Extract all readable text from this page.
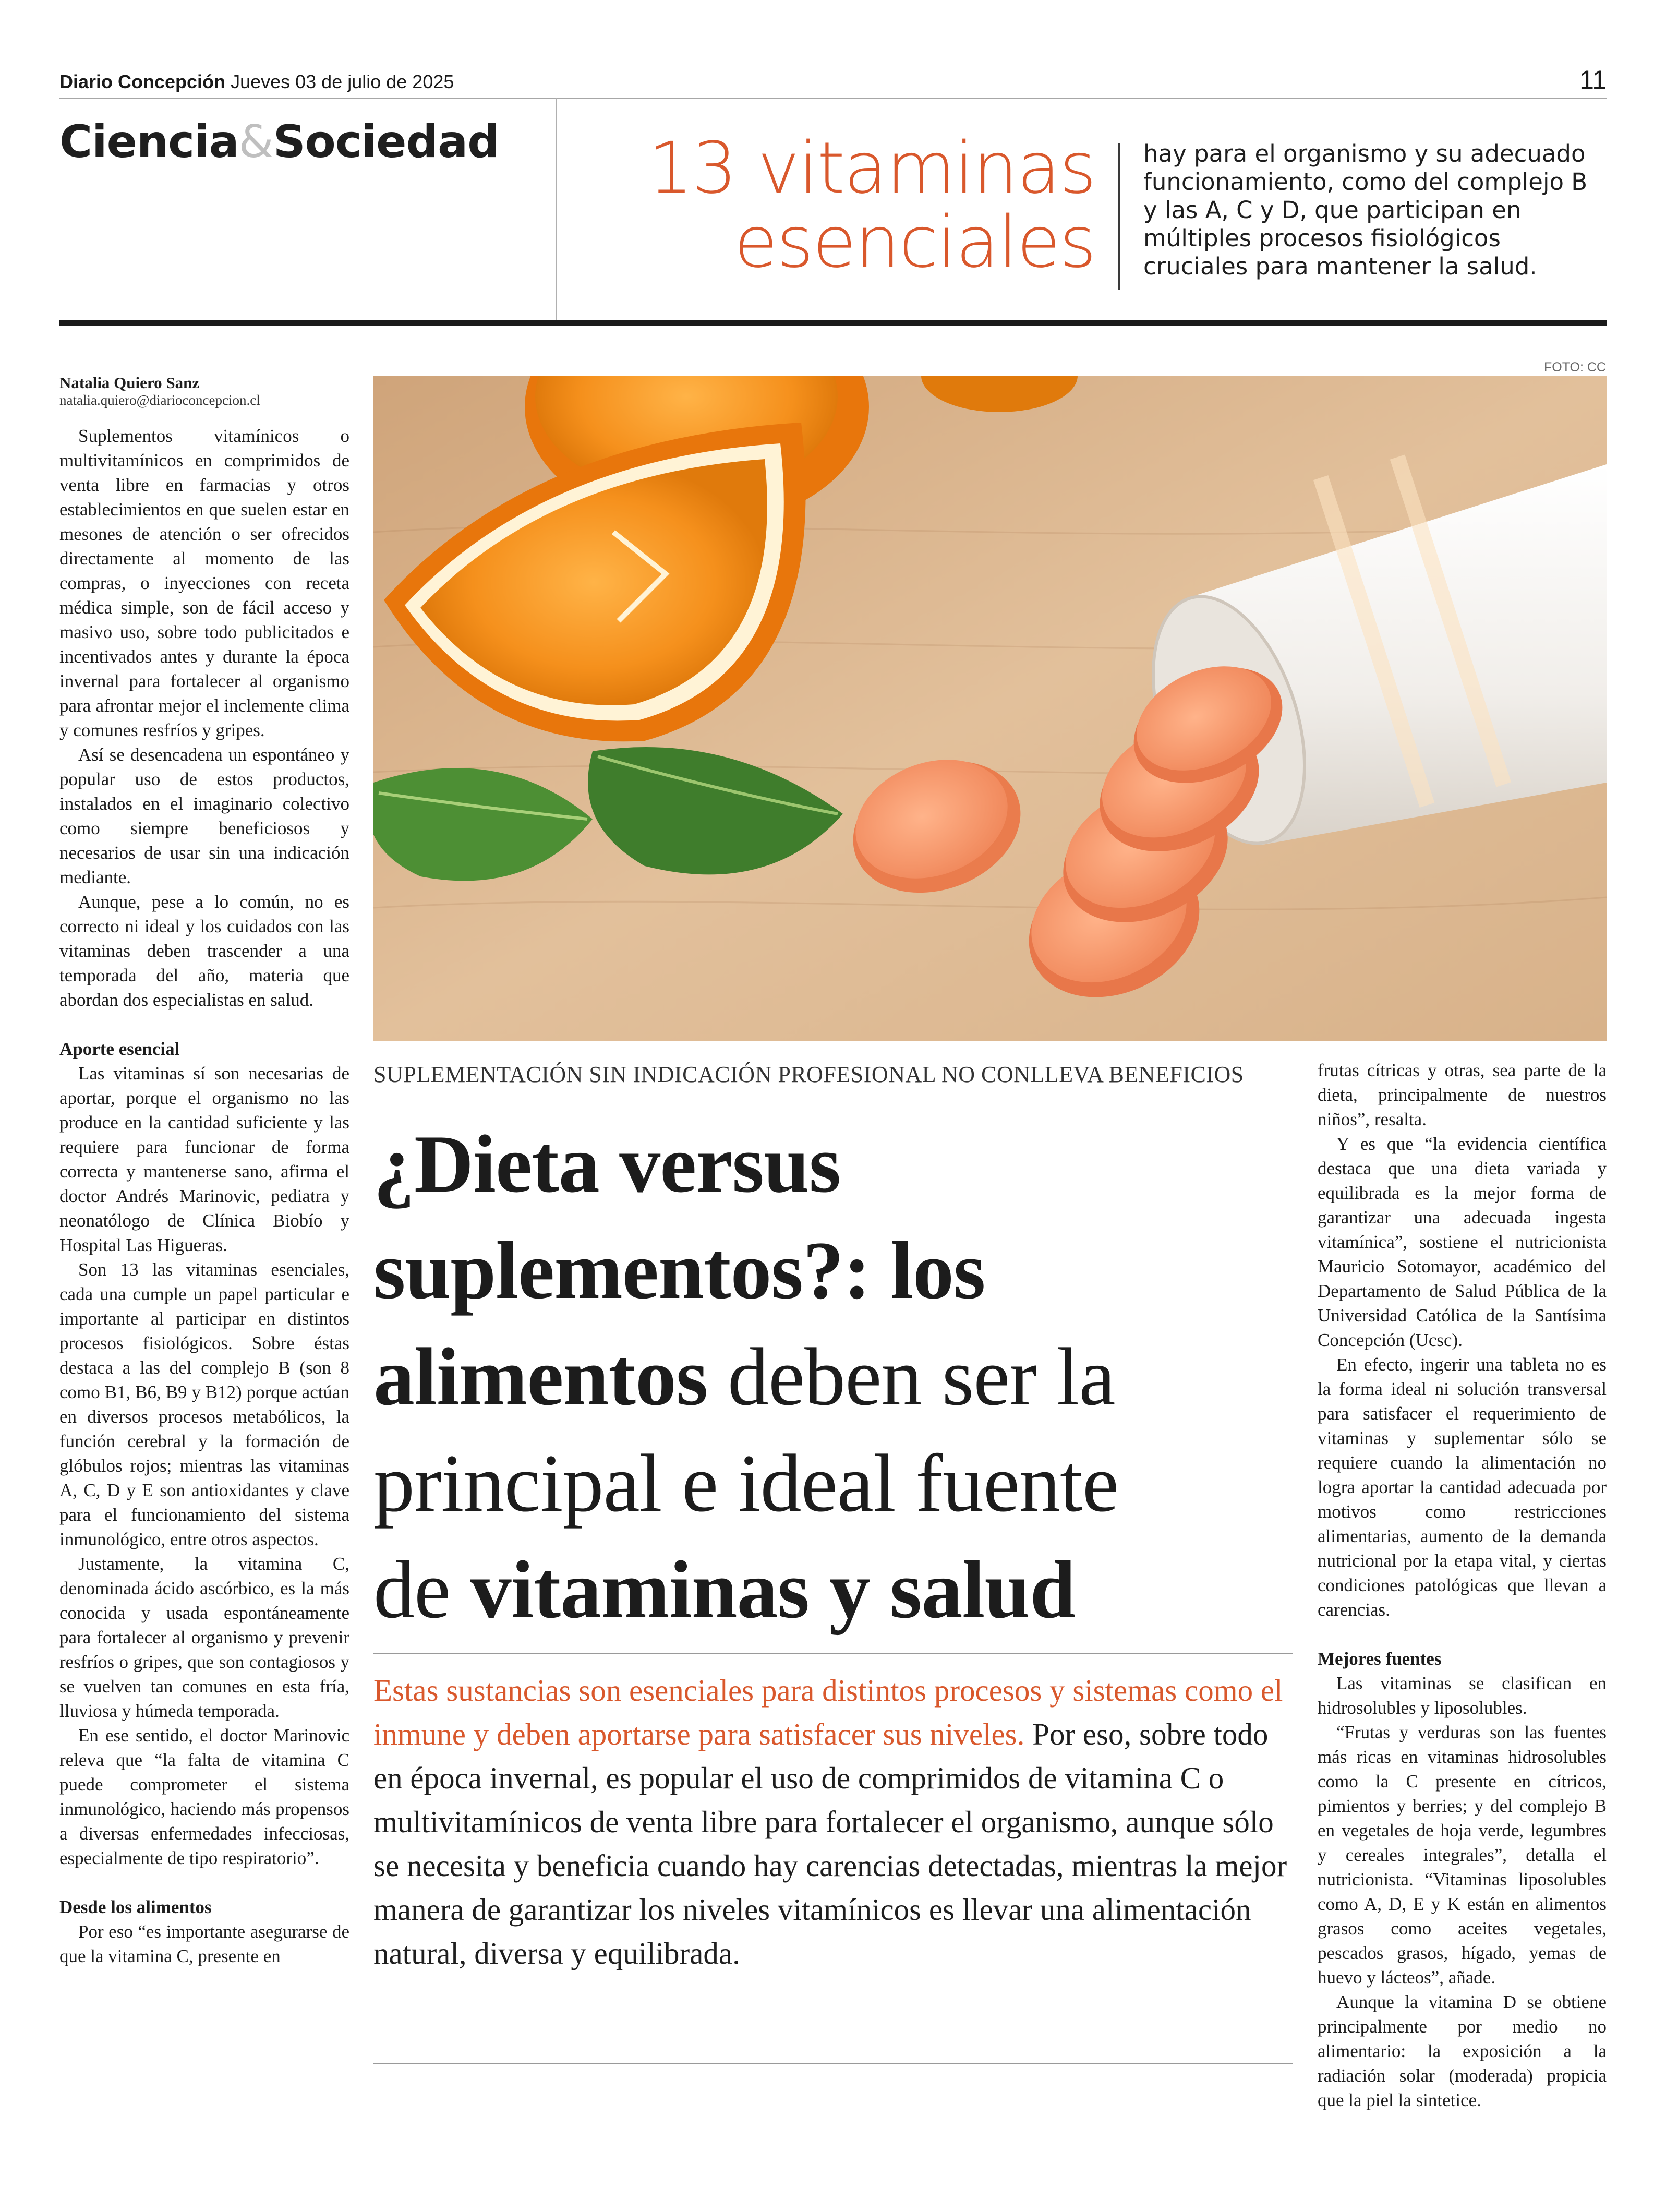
Diario Concepción Jueves 03 de julio de 2025	11
Ciencia&Sociedad	13 vitaminas
esenciales
hay para el organismo y su adecuado funcionamiento, como del complejo B y las A, C y D, que participan en múltiples procesos fisiológicos cruciales para mantener la salud.
FOTO: CC
Natalia Quiero Sanz
natalia.quiero@diarioconcepcion.cl

Suplementos vitamínicos o multivitamínicos en comprimidos de venta libre en farmacias y otros establecimientos en que suelen estar en mesones de atención o ser ofrecidos directamente al momento de las compras, o inyecciones con receta médica simple, son de fácil acceso y masivo uso, sobre todo publicitados e incentivados antes y durante la época invernal para fortalecer al organismo para afrontar mejor el inclemente clima y comunes resfríos y gripes.

Así se desencadena un espontáneo y popular uso de estos productos, instalados en el imaginario colectivo como siempre beneficiosos y necesarios de usar sin una indicación mediante.

Aunque, pese a lo común, no es correcto ni ideal y los cuidados con las vitaminas deben trascender a una temporada del año, materia que abordan dos especialistas en salud.

Aporte esencial

Las vitaminas sí son necesarias de aportar, porque el organismo no las produce en la cantidad suficiente y las requiere para funcionar de forma correcta y mantenerse sano, afirma el doctor Andrés Marinovic, pediatra y neonatólogo de Clínica Biobío y Hospital Las Higueras.

Son 13 las vitaminas esenciales, cada una cumple un papel particular e importante al participar en distintos procesos fisiológicos. Sobre éstas destaca a las del complejo B (son 8 como B1, B6, B9 y B12) porque actúan en diversos procesos metabólicos, la función cerebral y la formación de glóbulos rojos; mientras las vitaminas A, C, D y E son antioxidantes y clave para el funcionamiento del sistema inmunológico, entre otros aspectos.

Justamente, la vitamina C, denominada ácido ascórbico, es la más conocida y usada espontáneamente para fortalecer al organismo y prevenir resfríos o gripes, que son contagiosos y se vuelven tan comunes en esta fría, lluviosa y húmeda temporada.

En ese sentido, el doctor Marinovic releva que “la falta de vitamina C puede comprometer el sistema inmunológico, haciendo más propensos a diversas enfermedades infecciosas, especialmente de tipo respiratorio”.

Desde los alimentos

Por eso “es importante asegurarse de que la vitamina C, presente en

SUPLEMENTACIÓN SIN INDICACIÓN PROFESIONAL NO CONLLEVA BENEFICIOS
¿Dieta versus
suplementos?: los
alimentos deben ser la
principal e ideal fuente
de vitaminas y salud
Estas sustancias son esenciales para distintos procesos y sistemas como el inmune y deben aportarse para satisfacer sus niveles. Por eso, sobre todo en época invernal, es popular el uso de comprimidos de vitamina C o multivitamínicos de venta libre para fortalecer el organismo, aunque sólo se necesita y beneficia cuando hay carencias detectadas, mientras la mejor manera de garantizar los niveles vitamínicos es llevar una alimentación natural, diversa y equilibrada.

frutas cítricas y otras, sea parte de la dieta, principalmente de nuestros niños”, resalta.

Y es que “la evidencia científica destaca que una dieta variada y equilibrada es la mejor forma de garantizar una adecuada ingesta vitamínica”, sostiene el nutricionista Mauricio Sotomayor, académico del Departamento de Salud Pública de la Universidad Católica de la Santísima Concepción (Ucsc).

En efecto, ingerir una tableta no es la forma ideal ni solución transversal para satisfacer el requerimiento de vitaminas y suplementar sólo se requiere cuando la alimentación no logra aportar la cantidad adecuada por motivos como restricciones alimentarias, aumento de la demanda nutricional por la etapa vital, y ciertas condiciones patológicas que llevan a carencias.

Mejores fuentes

Las vitaminas se clasifican en hidrosolubles y liposolubles.

“Frutas y verduras son las fuentes más ricas en vitaminas hidrosolubles como la C presente en cítricos, pimientos y berries; y del complejo B en vegetales de hoja verde, legumbres y cereales integrales”, detalla el nutricionista. “Vitaminas liposolubles como A, D, E y K están en alimentos grasos como aceites vegetales, pescados grasos, hígado, yemas de huevo y lácteos”, añade.

Aunque la vitamina D se obtiene principalmente por medio no alimentario: la exposición a la radiación solar (moderada) propicia que la piel la sintetice.
